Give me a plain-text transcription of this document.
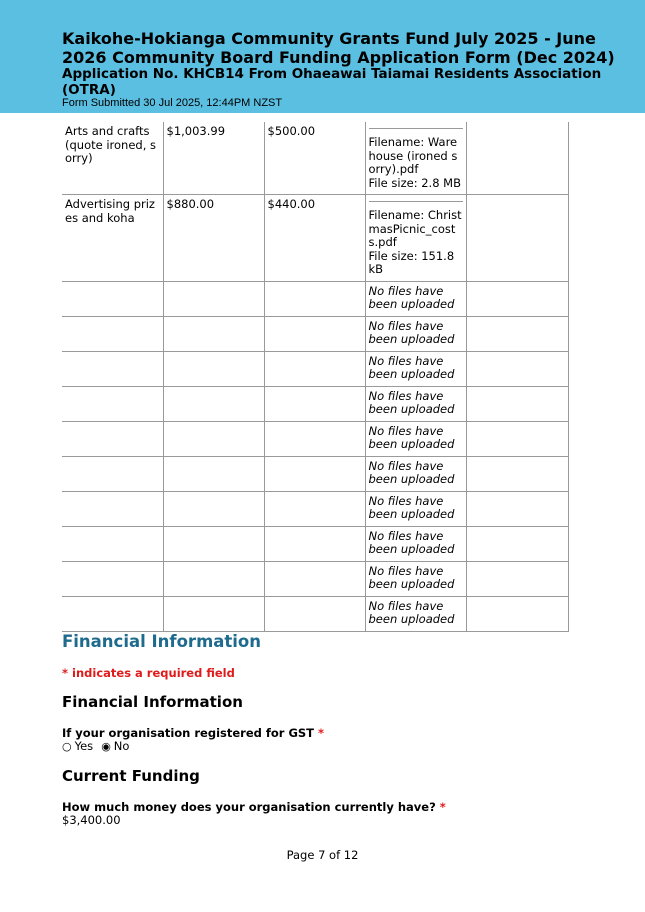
Kaikohe-Hokianga Community Grants Fund July 2025 - June 2026 Community Board Funding Application Form (Dec 2024)
Application No. KHCB14 From Ohaeawai Taiamai Residents Association (OTRA)
Form Submitted 30 Jul 2025, 12:44PM NZST
Arts and crafts (quote ironed, sorry)	$1,003.99	$500.00	Filename: Warehouse (ironed sorry).pdf
File size: 2.8 MB	

Advertising prizes and koha	$880.00	$440.00	Filename: ChristmasPicnic_costs.pdf
File size: 151.8 kB	

			No files have been uploaded	

			No files have been uploaded	

			No files have been uploaded	

			No files have been uploaded	

			No files have been uploaded	

			No files have been uploaded	

			No files have been uploaded	

			No files have been uploaded	

			No files have been uploaded	

			No files have been uploaded	

Financial Information
* indicates a required field
Financial Information
If your organisation registered for GST *
○ Yes ◉ No
Current Funding
How much money does your organisation currently have? *
$3,400.00
Page 7 of 12
